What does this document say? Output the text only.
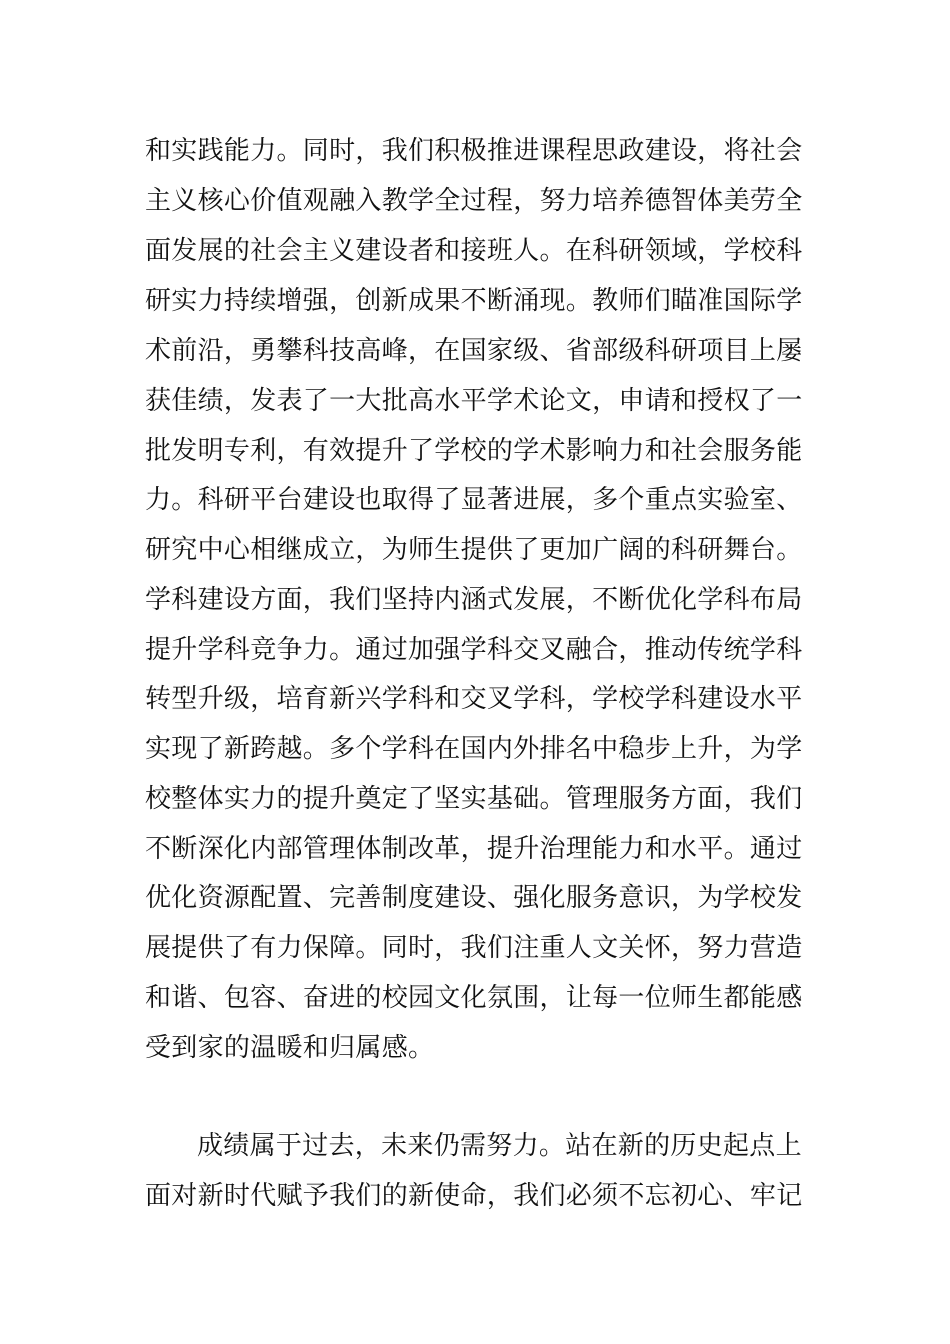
和实践能力。同时，我们积极推进课程思政建设，将社会
主义核心价值观融入教学全过程，努力培养德智体美劳全
面发展的社会主义建设者和接班人。在科研领域，学校科
研实力持续增强，创新成果不断涌现。教师们瞄准国际学
术前沿，勇攀科技高峰，在国家级、省部级科研项目上屡
获佳绩，发表了一大批高水平学术论文，申请和授权了一
批发明专利，有效提升了学校的学术影响力和社会服务能
力。科研平台建设也取得了显著进展，多个重点实验室、
研究中心相继成立，为师生提供了更加广阔的科研舞台。
学科建设方面，我们坚持内涵式发展，不断优化学科布局
提升学科竞争力。通过加强学科交叉融合，推动传统学科
转型升级，培育新兴学科和交叉学科，学校学科建设水平
实现了新跨越。多个学科在国内外排名中稳步上升，为学
校整体实力的提升奠定了坚实基础。管理服务方面，我们
不断深化内部管理体制改革，提升治理能力和水平。通过
优化资源配置、完善制度建设、强化服务意识，为学校发
展提供了有力保障。同时，我们注重人文关怀，努力营造
和谐、包容、奋进的校园文化氛围，让每一位师生都能感
受到家的温暖和归属感。
成绩属于过去，未来仍需努力。站在新的历史起点上
面对新时代赋予我们的新使命，我们必须不忘初心、牢记
